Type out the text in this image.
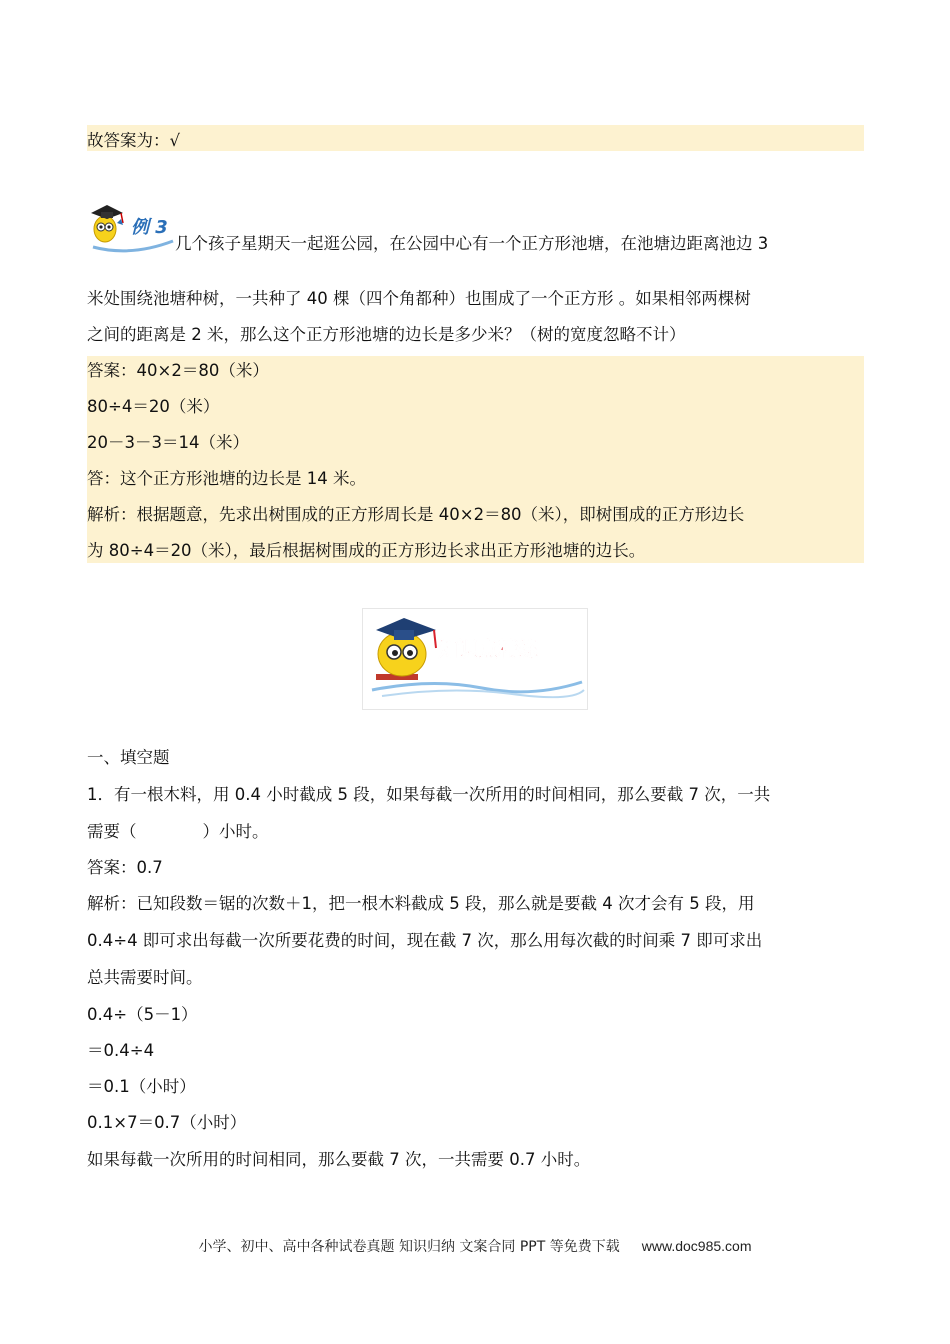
故答案为：√
例 3
几个孩子星期天一起逛公园，在公园中心有一个正方形池塘，在池塘边距离池边 3
米处围绕池塘种树，一共种了 40 棵（四个角都种）也围成了一个正方形 。如果相邻两棵树
之间的距离是 2 米，那么这个正方形池塘的边长是多少米？（树的宽度忽略不计）
答案：40×2＝80（米）
80÷4＝20（米）
20－3－3＝14（米）
答：这个正方形池塘的边长是 14 米。
解析：根据题意，先求出树围成的正方形周长是 40×2＝80（米），即树围成的正方形边长
为 80÷4＝20（米），最后根据树围成的正方形边长求出正方形池塘的边长。
知识点精练
一、填空题
1．有一根木料，用 0.4 小时截成 5 段，如果每截一次所用的时间相同，那么要截 7 次，一共
需要（　　　　）小时。
答案：0.7
解析：已知段数＝锯的次数＋1，把一根木料截成 5 段，那么就是要截 4 次才会有 5 段，用
0.4÷4 即可求出每截一次所要花费的时间，现在截 7 次，那么用每次截的时间乘 7 即可求出
总共需要时间。
0.4÷（5－1）
＝0.4÷4
＝0.1（小时）
0.1×7＝0.7（小时）
如果每截一次所用的时间相同，那么要截 7 次，一共需要 0.7 小时。
小学、初中、高中各种试卷真题 知识归纳 文案合同 PPT 等免费下载 www.doc985.com
